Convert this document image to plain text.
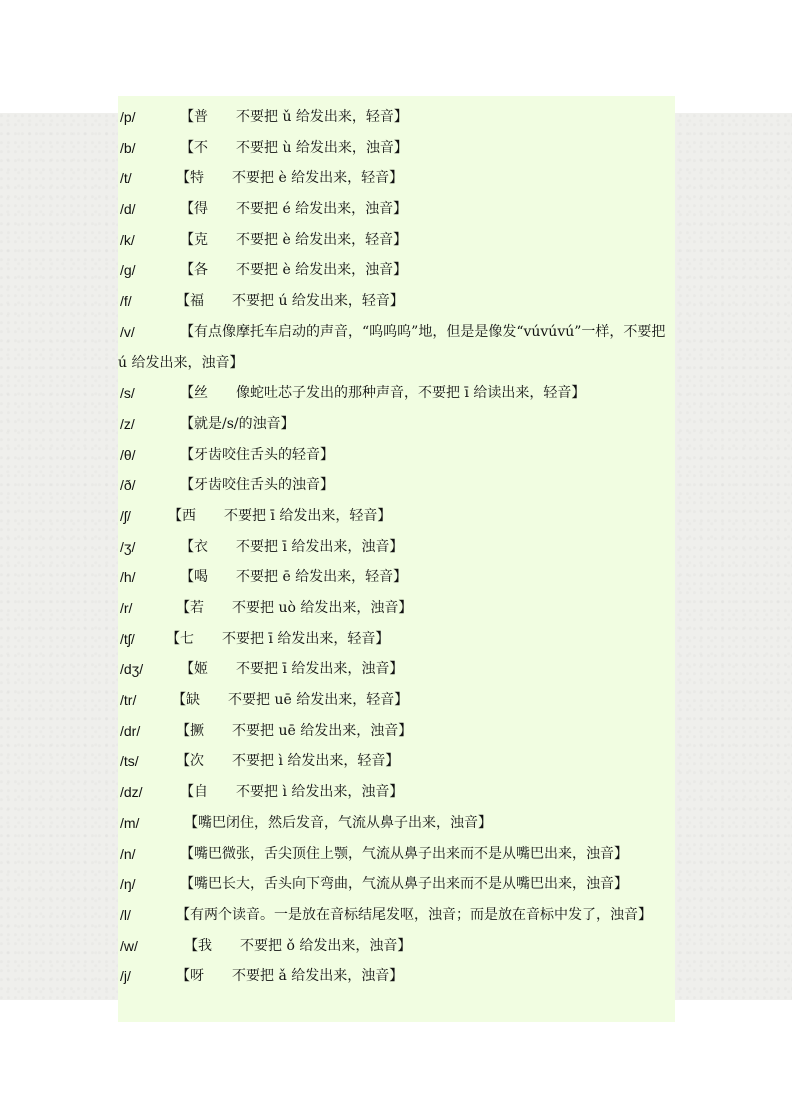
/p/	【普　　不要把 ǔ 给发出来，轻音】
/b/	【不　　不要把 ù 给发出来，浊音】
/t/	【特　　不要把 è 给发出来，轻音】
/d/	【得　　不要把 é 给发出来，浊音】
/k/	【克　　不要把 è 给发出来，轻音】
/g/	【各　　不要把 è 给发出来，浊音】
/f/	【福　　不要把 ú 给发出来，轻音】
/v/	【有点像摩托车启动的声音，“呜呜呜”地，但是是像发“vúvúvú”一样，不要把 ú 给发出来，浊音】
/s/	【丝　　像蛇吐芯子发出的那种声音，不要把 ī 给读出来，轻音】
/z/	【就是/s/的浊音】
/θ/	【牙齿咬住舌头的轻音】
/ð/	【牙齿咬住舌头的浊音】
/ʃ/	【西　　不要把 ī 给发出来，轻音】
/ʒ/	【衣　　不要把 ī 给发出来，浊音】
/h/	【喝　　不要把 ē 给发出来，轻音】
/r/	【若　　不要把 uò 给发出来，浊音】
/tʃ/ 【七　　不要把 ī 给发出来，轻音】
/dʒ/	【姬　　不要把 ī 给发出来，浊音】
/tr/	【缺　　不要把 uē 给发出来，轻音】
/dr/	【撅　　不要把 uē 给发出来，浊音】
/ts/	【次　　不要把 ì 给发出来，轻音】
/dz/	【自　　不要把 ì 给发出来，浊音】
/m/	【嘴巴闭住，然后发音，气流从鼻子出来，浊音】
/n/	【嘴巴微张，舌尖顶住上颚，气流从鼻子出来而不是从嘴巴出来，浊音】
/ŋ/	【嘴巴长大，舌头向下弯曲，气流从鼻子出来而不是从嘴巴出来，浊音】
/l/	【有两个读音。一是放在音标结尾发呕，浊音；而是放在音标中发了，浊音】
/w/	【我　　不要把 ǒ 给发出来，浊音】
/j/	【呀　　不要把 ǎ 给发出来，浊音】
